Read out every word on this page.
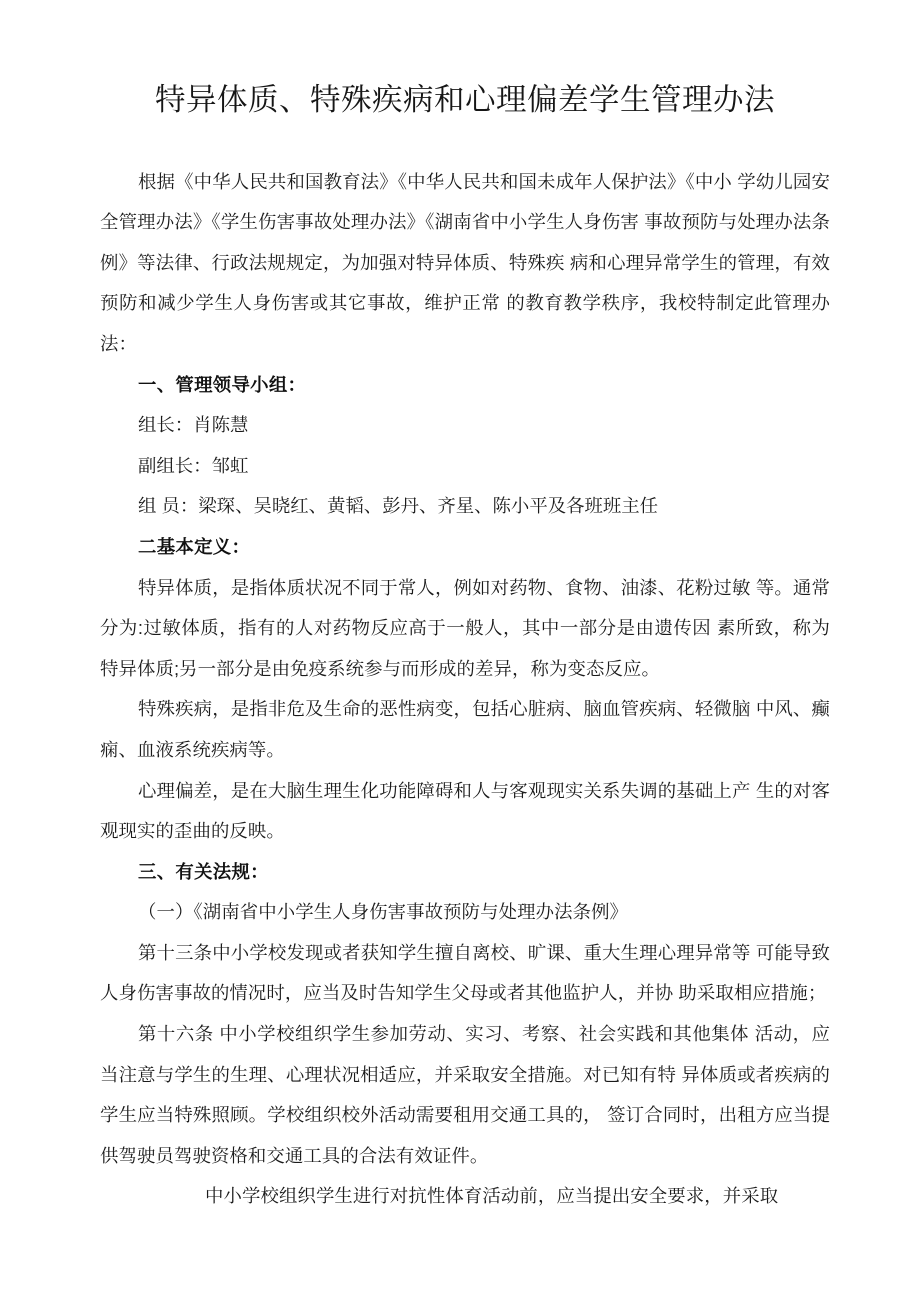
特异体质、特殊疾病和心理偏差学生管理办法

根据《中华人民共和国教育法》《中华人民共和国未成年人保护法》《中小 学幼儿园安全管理办法》《学生伤害事故处理办法》《湖南省中小学生人身伤害 事故预防与处理办法条例》等法律、行政法规规定，为加强对特异体质、特殊疾 病和心理异常学生的管理，有效预防和减少学生人身伤害或其它事故，维护正常 的教育教学秩序，我校特制定此管理办法：

一、管理领导小组：

组长：肖陈慧

副组长：邹虹

组 员：梁琛、吴晓红、黄韬、彭丹、齐星、陈小平及各班班主任

二基本定义：

特异体质，是指体质状况不同于常人，例如对药物、食物、油漆、花粉过敏 等。通常分为:过敏体质，指有的人对药物反应高于一般人，其中一部分是由遗传因 素所致，称为特异体质;另一部分是由免疫系统参与而形成的差异，称为变态反应。

特殊疾病，是指非危及生命的恶性病变，包括心脏病、脑血管疾病、轻微脑 中风、癫痫、血液系统疾病等。

心理偏差，是在大脑生理生化功能障碍和人与客观现实关系失调的基础上产 生的对客观现实的歪曲的反映。

三、有关法规：

（一）《湖南省中小学生人身伤害事故预防与处理办法条例》

第十三条中小学校发现或者获知学生擅自离校、旷课、重大生理心理异常等 可能导致人身伤害事故的情况时，应当及时告知学生父母或者其他监护人，并协 助采取相应措施；

第十六条 中小学校组织学生参加劳动、实习、考察、社会实践和其他集体 活动，应当注意与学生的生理、心理状况相适应，并采取安全措施。对已知有特 异体质或者疾病的学生应当特殊照顾。学校组织校外活动需要租用交通工具的， 签订合同时，出租方应当提供驾驶员驾驶资格和交通工具的合法有效证件。

中小学校组织学生进行对抗性体育活动前，应当提出安全要求，并采取
